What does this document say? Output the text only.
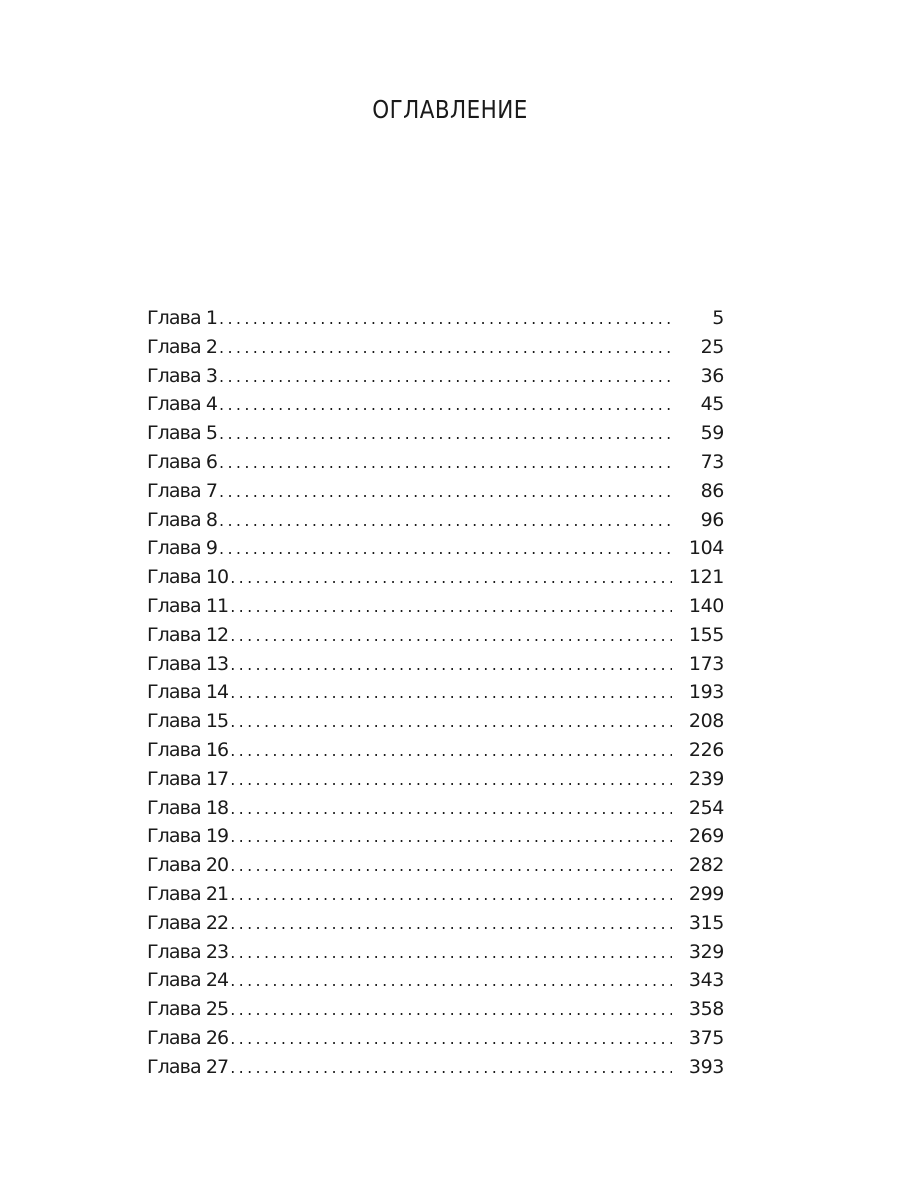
ОГЛАВЛЕНИЕ
Глава 1 .....	5
Глава 2 .....	25
Глава 3 .....	36
Глава 4 .....	45
Глава 5 .....	59
Глава 6 .....	73
Глава 7 .....	86
Глава 8 .....	96
Глава 9 .....	104
Глава 10 .....	121
Глава 11 .....	140
Глава 12 .....	155
Глава 13 .....	173
Глава 14 .....	193
Глава 15 .....	208
Глава 16 .....	226
Глава 17 .....	239
Глава 18 .....	254
Глава 19 .....	269
Глава 20 .....	282
Глава 21 .....	299
Глава 22 .....	315
Глава 23 .....	329
Глава 24 .....	343
Глава 25 .....	358
Глава 26 .....	375
Глава 27 .....	393
